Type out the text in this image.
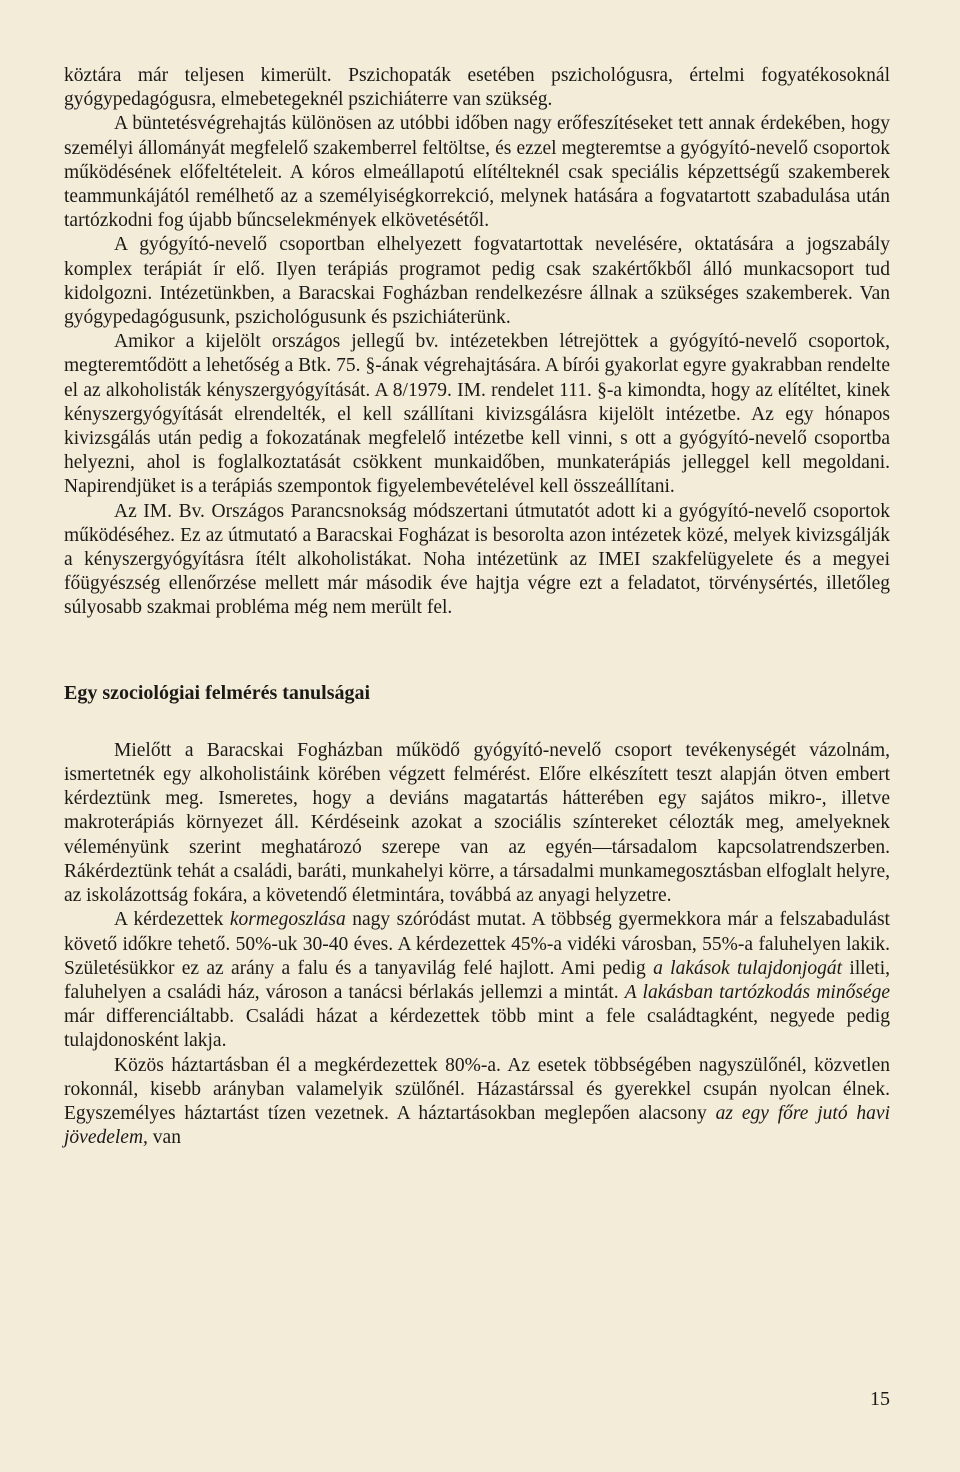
köztára már teljesen kimerült. Pszichopaták esetében pszichológusra, értelmi fogyatékosoknál gyógypedagógusra, elmebetegeknél pszichiáterre van szükség.

A büntetésvégrehajtás különösen az utóbbi időben nagy erőfeszítéseket tett annak érdekében, hogy személyi állományát megfelelő szakemberrel feltöltse, és ezzel megteremtse a gyógyító-nevelő csoportok működésének előfeltételeit. A kóros elmeállapotú elítélteknél csak speciális képzettségű szakemberek teammunkájától remélhető az a személyiségkorrekció, melynek hatására a fogvatartott szabadulása után tartózkodni fog újabb bűncselekmények elkövetésétől.

A gyógyító-nevelő csoportban elhelyezett fogvatartottak nevelésére, oktatására a jogszabály komplex terápiát ír elő. Ilyen terápiás programot pedig csak szakértőkből álló munkacsoport tud kidolgozni. Intézetünkben, a Baracskai Fogházban rendelkezésre állnak a szükséges szakemberek. Van gyógypedagógusunk, pszichológusunk és pszichiáterünk.

Amikor a kijelölt országos jellegű bv. intézetekben létrejöttek a gyógyító-nevelő csoportok, megteremtődött a lehetőség a Btk. 75. §-ának végrehajtására. A bírói gyakorlat egyre gyakrabban rendelte el az alkoholisták kényszergyógyítását. A 8/1979. IM. rendelet 111. §-a kimondta, hogy az elítéltet, kinek kényszergyógyítását elrendelték, el kell szállítani kivizsgálásra kijelölt intézetbe. Az egy hónapos kivizsgálás után pedig a fokozatának megfelelő intézetbe kell vinni, s ott a gyógyító-nevelő csoportba helyezni, ahol is foglalkoztatását csökkent munkaidőben, munkaterápiás jelleggel kell megoldani. Napirendjüket is a terápiás szempontok figyelembevételével kell összeállítani.

Az IM. Bv. Országos Parancsnokság módszertani útmutatót adott ki a gyógyító-nevelő csoportok működéséhez. Ez az útmutató a Baracskai Fogházat is besorolta azon intézetek közé, melyek kivizsgálják a kényszergyógyításra ítélt alkoholistákat. Noha intézetünk az IMEI szakfelügyelete és a megyei főügyészség ellenőrzése mellett már második éve hajtja végre ezt a feladatot, törvénysértés, illetőleg súlyosabb szakmai probléma még nem merült fel.

Egy szociológiai felmérés tanulságai

Mielőtt a Baracskai Fogházban működő gyógyító-nevelő csoport tevékenységét vázolnám, ismertetnék egy alkoholistáink körében végzett felmérést. Előre elkészített teszt alapján ötven embert kérdeztünk meg. Ismeretes, hogy a deviáns magatartás hátterében egy sajátos mikro-, illetve makroterápiás környezet áll. Kérdéseink azokat a szociális színtereket célozták meg, amelyeknek véleményünk szerint meghatározó szerepe van az egyén—társadalom kapcsolatrendszerben. Rákérdeztünk tehát a családi, baráti, munkahelyi körre, a társadalmi munkamegosztásban elfoglalt helyre, az iskolázottság fokára, a követendő életmintára, továbbá az anyagi helyzetre.

A kérdezettek kormegoszlása nagy szóródást mutat. A többség gyermekkora már a felszabadulást követő időkre tehető. 50%-uk 30-40 éves. A kérdezettek 45%-a vidéki városban, 55%-a faluhelyen lakik. Születésükkor ez az arány a falu és a tanyavilág felé hajlott. Ami pedig a lakások tulajdonjogát illeti, faluhelyen a családi ház, városon a tanácsi bérlakás jellemzi a mintát. A lakásban tartózkodás minősége már differenciáltabb. Családi házat a kérdezettek több mint a fele családtagként, negyede pedig tulajdonosként lakja.

Közös háztartásban él a megkérdezettek 80%-a. Az esetek többségében nagyszülőnél, közvetlen rokonnál, kisebb arányban valamelyik szülőnél. Házastárssal és gyerekkel csupán nyolcan élnek. Egyszemélyes háztartást tízen vezetnek. A háztartásokban meglepően alacsony az egy főre jutó havi jövedelem, van

15
